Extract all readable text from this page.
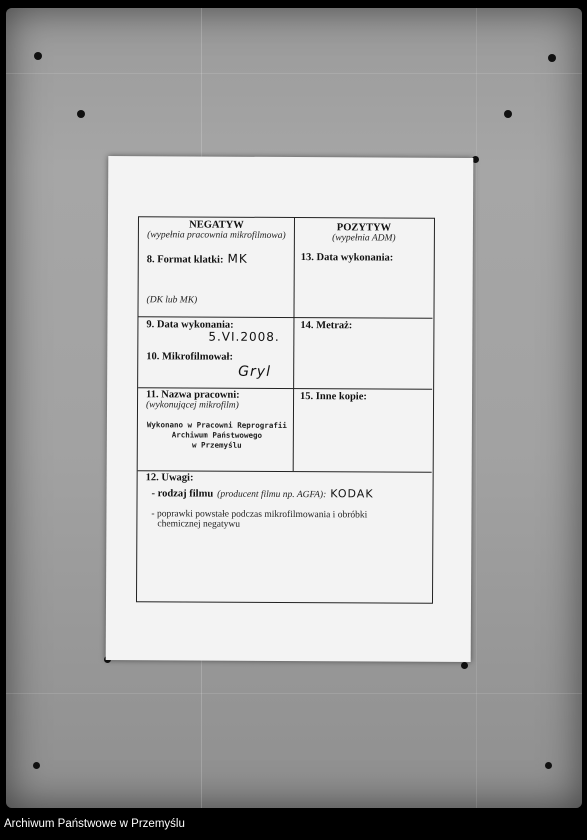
NEGATYW
(wypełnia pracownia mikrofilmowa)
POZYTYW
(wypełnia ADM)
8. Format klatki: MK
(DK lub MK)
13. Data wykonania:
9. Data wykonania:
5.VI.2008.
10. Mikrofilmował:
Gryl
14. Metraż:
11. Nazwa pracowni:
(wykonującej mikrofilm)
Wykonano w Pracowni Reprografii
Archiwum Państwowego
w Przemyślu
15. Inne kopie:
12. Uwagi:
- rodzaj filmu (producent filmu np. AGFA): KODAK
- poprawki powstałe podczas mikrofilmowania i obróbki
chemicznej negatywu
Archiwum Państwowe w Przemyślu
